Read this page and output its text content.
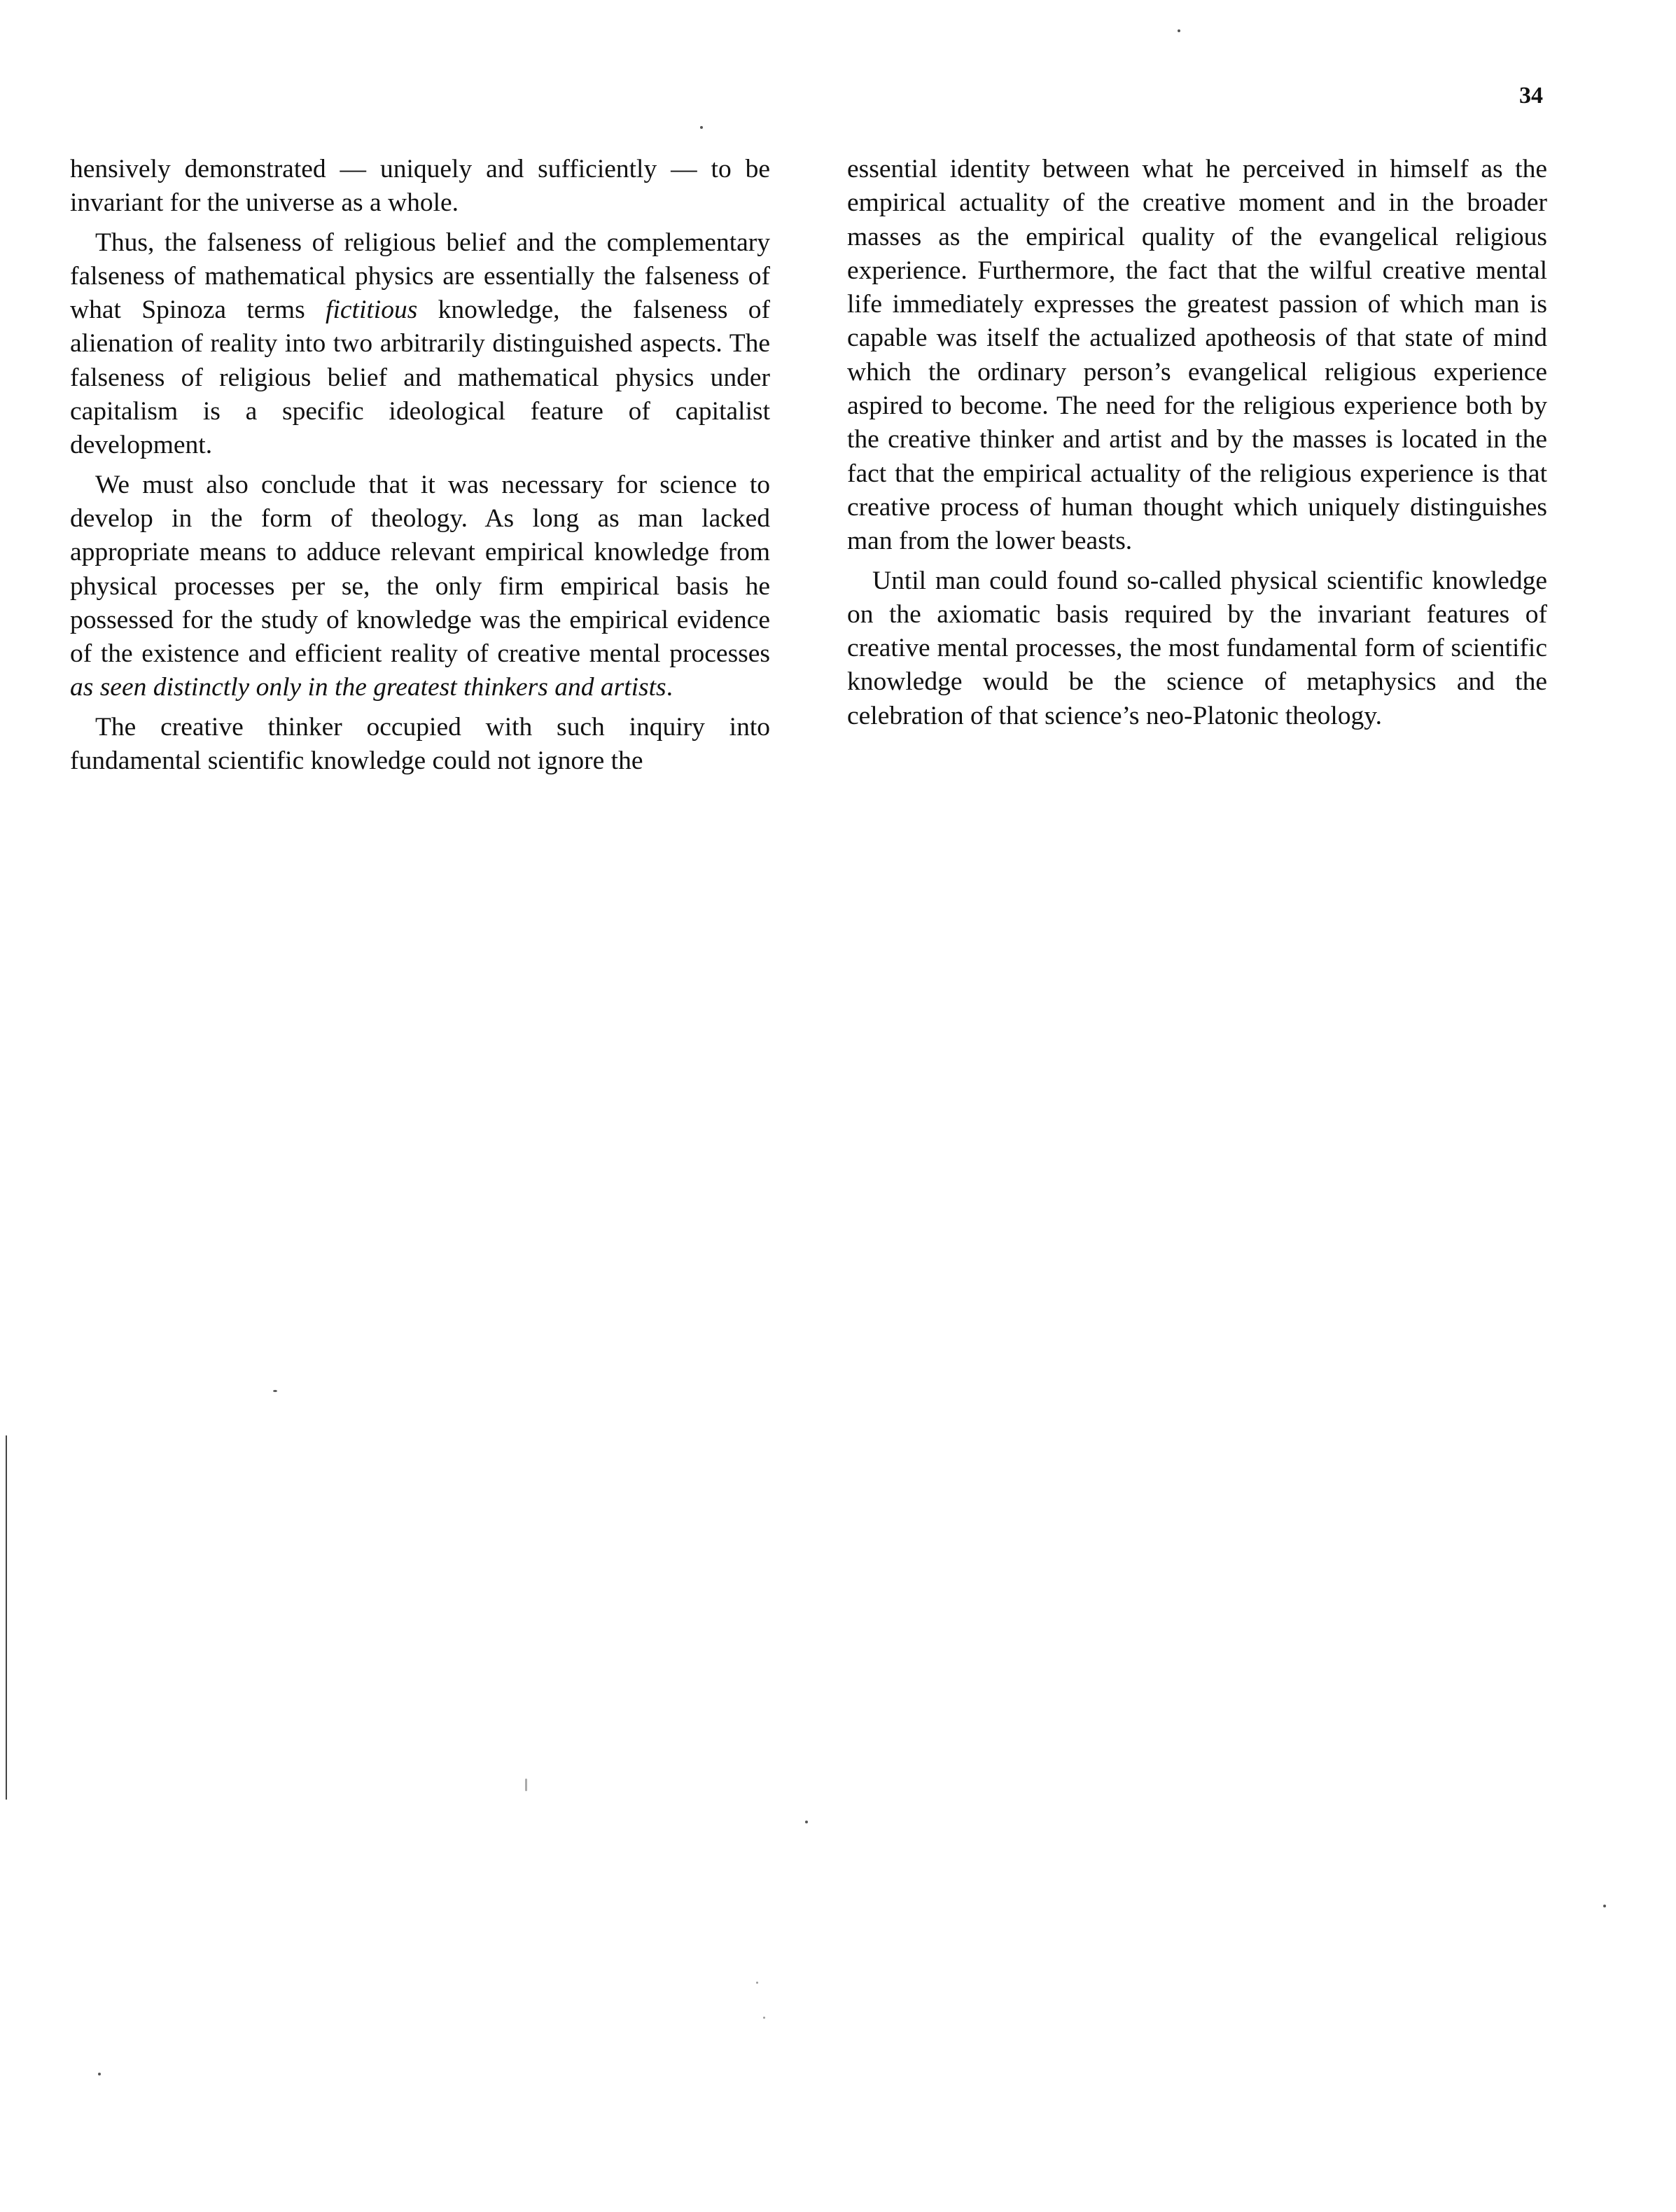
34

hensively demonstrated — uniquely and sufficiently — to be invariant for the universe as a whole.

Thus, the falseness of religious belief and the complementary falseness of mathematical physics are essentially the falseness of what Spinoza terms fictitious knowledge, the falseness of alienation of reality into two arbitrarily distinguished aspects. The falseness of religious belief and mathematical physics under capitalism is a specific ideological feature of capitalist development.

We must also conclude that it was necessary for science to develop in the form of theology. As long as man lacked appropriate means to adduce relevant empirical knowledge from physical processes per se, the only firm empirical basis he possessed for the study of knowledge was the empirical evidence of the existence and efficient reality of creative mental processes as seen distinctly only in the greatest thinkers and artists.

The creative thinker occupied with such inquiry into fundamental scientific knowledge could not ignore the

essential identity between what he perceived in himself as the empirical actuality of the creative moment and in the broader masses as the empirical quality of the evangelical religious experience. Furthermore, the fact that the wilful creative mental life immediately expresses the greatest passion of which man is capable was itself the actualized apotheosis of that state of mind which the ordinary person’s evangelical religious experience aspired to become. The need for the religious experience both by the creative thinker and artist and by the masses is located in the fact that the empirical actuality of the religious experience is that creative process of human thought which uniquely distinguishes man from the lower beasts.

Until man could found so-called physical scientific knowledge on the axiomatic basis required by the invariant features of creative mental processes, the most fundamental form of scientific knowledge would be the science of metaphysics and the celebration of that science’s neo-Platonic theology.
